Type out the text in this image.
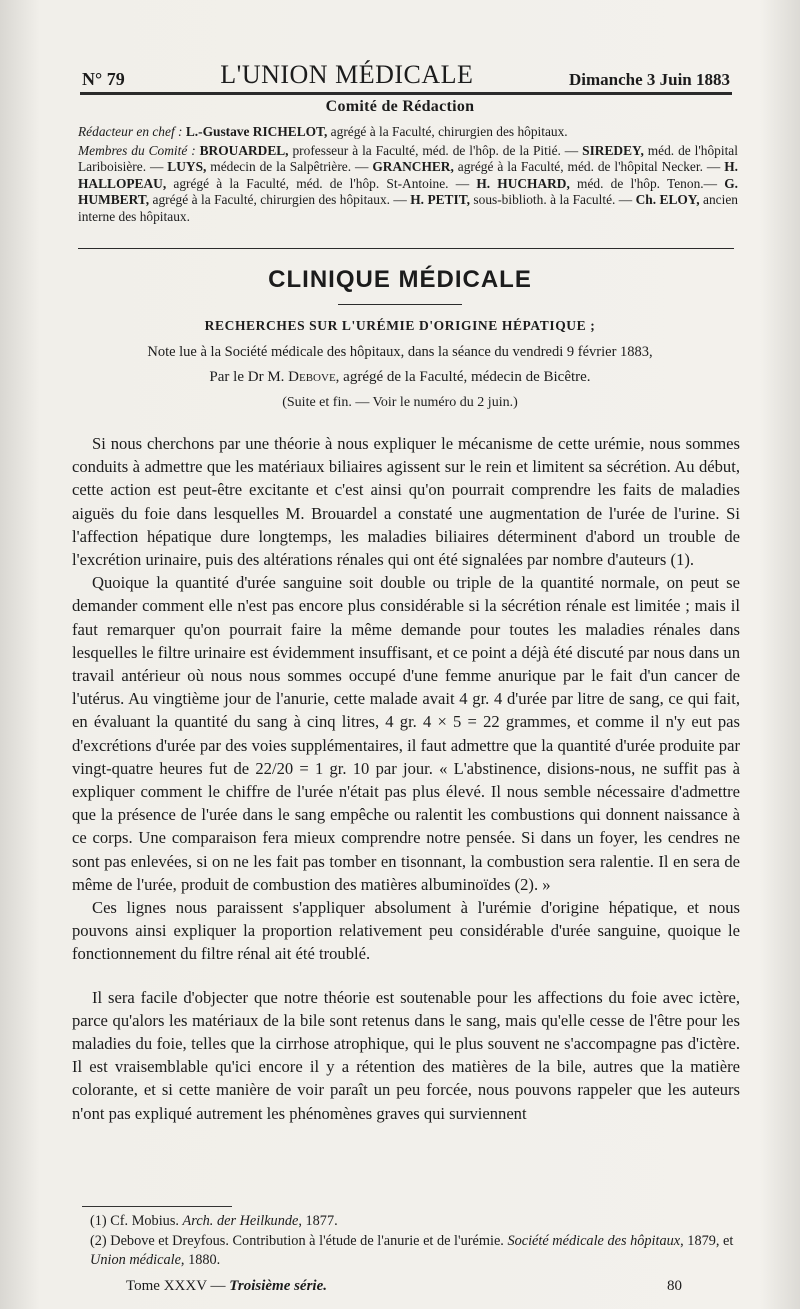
N° 79	L'UNION MÉDICALE	Dimanche 3 Juin 1883
Comité de Rédaction

Rédacteur en chef : L.-Gustave RICHELOT, agrégé à la Faculté, chirurgien des hôpitaux.

Membres du Comité : BROUARDEL, professeur à la Faculté, méd. de l'hôp. de la Pitié. — SIREDEY, méd. de l'hôpital Lariboisière. — LUYS, médecin de la Salpêtrière. — GRANCHER, agrégé à la Faculté, méd. de l'hôpital Necker. — H. HALLOPEAU, agrégé à la Faculté, méd. de l'hôp. St-Antoine. — H. HUCHARD, méd. de l'hôp. Tenon.— G. HUMBERT, agrégé à la Faculté, chirurgien des hôpitaux. — H. PETIT, sous-biblioth. à la Faculté. — Ch. ELOY, ancien interne des hôpitaux.

CLINIQUE MÉDICALE
RECHERCHES SUR L'URÉMIE D'ORIGINE HÉPATIQUE ;
Note lue à la Société médicale des hôpitaux, dans la séance du vendredi 9 février 1883,
Par le Dr M. Debove, agrégé de la Faculté, médecin de Bicêtre.
(Suite et fin. — Voir le numéro du 2 juin.)

Si nous cherchons par une théorie à nous expliquer le mécanisme de cette urémie, nous sommes conduits à admettre que les matériaux biliaires agissent sur le rein et limitent sa sécrétion. Au début, cette action est peut-être excitante et c'est ainsi qu'on pourrait comprendre les faits de maladies aiguës du foie dans lesquelles M. Brouardel a constaté une augmentation de l'urée de l'urine. Si l'affection hépatique dure longtemps, les maladies biliaires déterminent d'abord un trouble de l'excrétion urinaire, puis des altérations rénales qui ont été signalées par nombre d'auteurs (1).

Quoique la quantité d'urée sanguine soit double ou triple de la quantité normale, on peut se demander comment elle n'est pas encore plus considérable si la sécrétion rénale est limitée ; mais il faut remarquer qu'on pourrait faire la même demande pour toutes les maladies rénales dans lesquelles le filtre urinaire est évidemment insuffisant, et ce point a déjà été discuté par nous dans un travail antérieur où nous nous sommes occupé d'une femme anurique par le fait d'un cancer de l'utérus. Au vingtième jour de l'anurie, cette malade avait 4 gr. 4 d'urée par litre de sang, ce qui fait, en évaluant la quantité du sang à cinq litres, 4 gr. 4 × 5 = 22 grammes, et comme il n'y eut pas d'excrétions d'urée par des voies supplémentaires, il faut admettre que la quantité d'urée produite par vingt-quatre heures fut de 22/20 = 1 gr. 10 par jour. « L'abstinence, disions-nous, ne suffit pas à expliquer comment le chiffre de l'urée n'était pas plus élevé. Il nous semble nécessaire d'admettre que la présence de l'urée dans le sang empêche ou ralentit les combustions qui donnent naissance à ce corps. Une comparaison fera mieux comprendre notre pensée. Si dans un foyer, les cendres ne sont pas enlevées, si on ne les fait pas tomber en tisonnant, la combustion sera ralentie. Il en sera de même de l'urée, produit de combustion des matières albuminoïdes (2). »

Ces lignes nous paraissent s'appliquer absolument à l'urémie d'origine hépatique, et nous pouvons ainsi expliquer la proportion relativement peu considérable d'urée sanguine, quoique le fonctionnement du filtre rénal ait été troublé.

Il sera facile d'objecter que notre théorie est soutenable pour les affections du foie avec ictère, parce qu'alors les matériaux de la bile sont retenus dans le sang, mais qu'elle cesse de l'être pour les maladies du foie, telles que la cirrhose atrophique, qui le plus souvent ne s'accompagne pas d'ictère. Il est vraisemblable qu'ici encore il y a rétention des matières de la bile, autres que la matière colorante, et si cette manière de voir paraît un peu forcée, nous pouvons rappeler que les auteurs n'ont pas expliqué autrement les phénomènes graves qui surviennent

(1) Cf. Mobius. Arch. der Heilkunde, 1877.

(2) Debove et Dreyfous. Contribution à l'étude de l'anurie et de l'urémie. Société médicale des hôpitaux, 1879, et Union médicale, 1880.

Tome XXXV — Troisième série.	80
